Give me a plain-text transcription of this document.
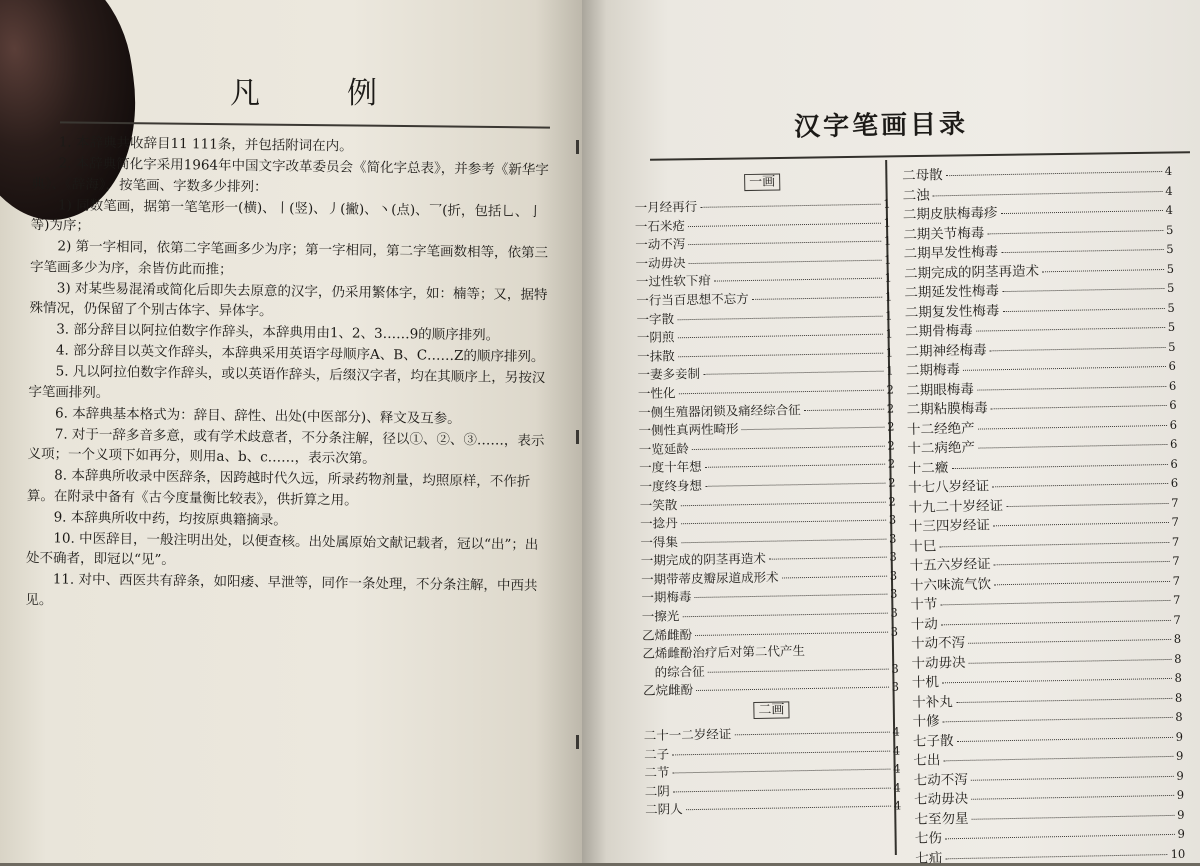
凡	例

1. 本辞典共收辞目11 111条，并包括附词在内。

2. 本辞典简化字采用1964年中国文字改革委员会《简化字总表》，并参考《新华字典》、《辞海》，按笔画、字数多少排列：

1) 同数笔画，据第一笔笔形一(横)、丨(竖)、丿(撇)、丶(点)、乛(折，包括乚、亅等)为序；

2) 第一字相同，依第二字笔画多少为序；第一字相同，第二字笔画数相等，依第三字笔画多少为序，余皆仿此而推；

3) 对某些易混淆或简化后即失去原意的汉字，仍采用繁体字，如：楠等；又，据特殊情况，仍保留了个别古体字、异体字。

3. 部分辞目以阿拉伯数字作辞头，本辞典用由1、2、3……9的顺序排列。

4. 部分辞目以英文作辞头，本辞典采用英语字母顺序A、B、C……Z的顺序排列。

5. 凡以阿拉伯数字作辞头，或以英语作辞头，后缀汉字者，均在其顺序上，另按汉字笔画排列。

6. 本辞典基本格式为：辞目、辞性、出处(中医部分)、释文及互参。

7. 对于一辞多音多意，或有学术歧意者，不分条注解，径以①、②、③……，表示义项；一个义项下如再分，则用a、b、c……，表示次第。

8. 本辞典所收录中医辞条，因跨越时代久远，所录药物剂量，均照原样，不作折算。在附录中备有《古今度量衡比较表》，供折算之用。

9. 本辞典所收中药，均按原典籍摘录。

10. 中医辞目，一般注明出处，以便查核。出处属原始文献记载者，冠以“出”；出处不确者，即冠以“见”。

11. 对中、西医共有辞条，如阳痿、早泄等，同作一条处理，不分条注解，中西共见。

汉字笔画目录
一画
一月经再行	1
一石米疮	1
一动不泻	1
一动毋决	1
一过性软下疳	1
一行当百思想不忘方	1
一字散	1
一阴煎	1
一抹散	1
一妻多妾制	1
一性化	2
一侧生殖器闭锁及痛经综合征	2
一侧性真两性畸形	2
一览延龄	2
一度十年想	2
一度终身想	2
一笑散	2
一捻丹	3
一得集	3
一期完成的阴茎再造术	3
一期带蒂皮瓣尿道成形术	3
一期梅毒	3
一擦光	3
乙烯雌酚	3
乙烯雌酚治疗后对第二代产生
的综合征	3
乙烷雌酚	3
二画
二十一二岁经证	4
二子	4
二节	4
二阴	4
二阴人	4
二母散	4
二浊	4
二期皮肤梅毒疹	4
二期关节梅毒	5
二期早发性梅毒	5
二期完成的阴茎再造术	5
二期延发性梅毒	5
二期复发性梅毒	5
二期骨梅毒	5
二期神经梅毒	5
二期梅毒	6
二期眼梅毒	6
二期粘膜梅毒	6
十二经绝产	6
十二病绝产	6
十二癥	6
十七八岁经证	6
十九二十岁经证	7
十三四岁经证	7
十巳	7
十五六岁经证	7
十六味流气饮	7
十节	7
十动	7
十动不泻	8
十动毋决	8
十机	8
十补丸	8
十修	8
七子散	9
七出	9
七动不泻	9
七动毋决	9
七至勿星	9
七伤	9
七疝	10
